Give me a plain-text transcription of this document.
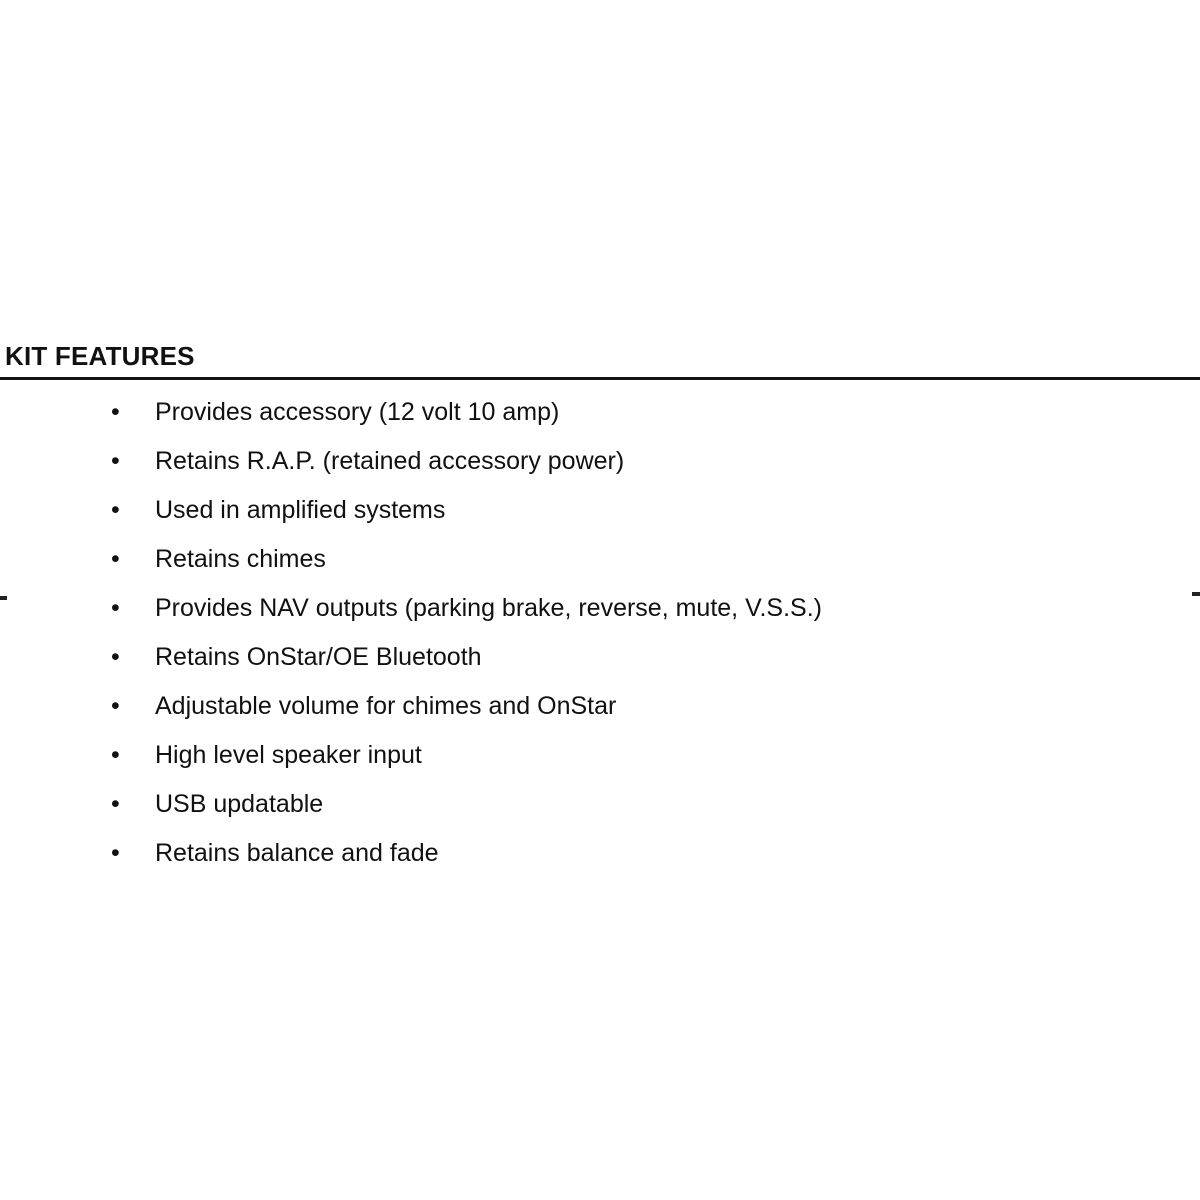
KIT FEATURES
• Provides accessory (12 volt 10 amp)
• Retains R.A.P. (retained accessory power)
• Used in amplified systems
• Retains chimes
• Provides NAV outputs (parking brake, reverse, mute, V.S.S.)
• Retains OnStar/OE Bluetooth
• Adjustable volume for chimes and OnStar
• High level speaker input
• USB updatable
• Retains balance and fade
